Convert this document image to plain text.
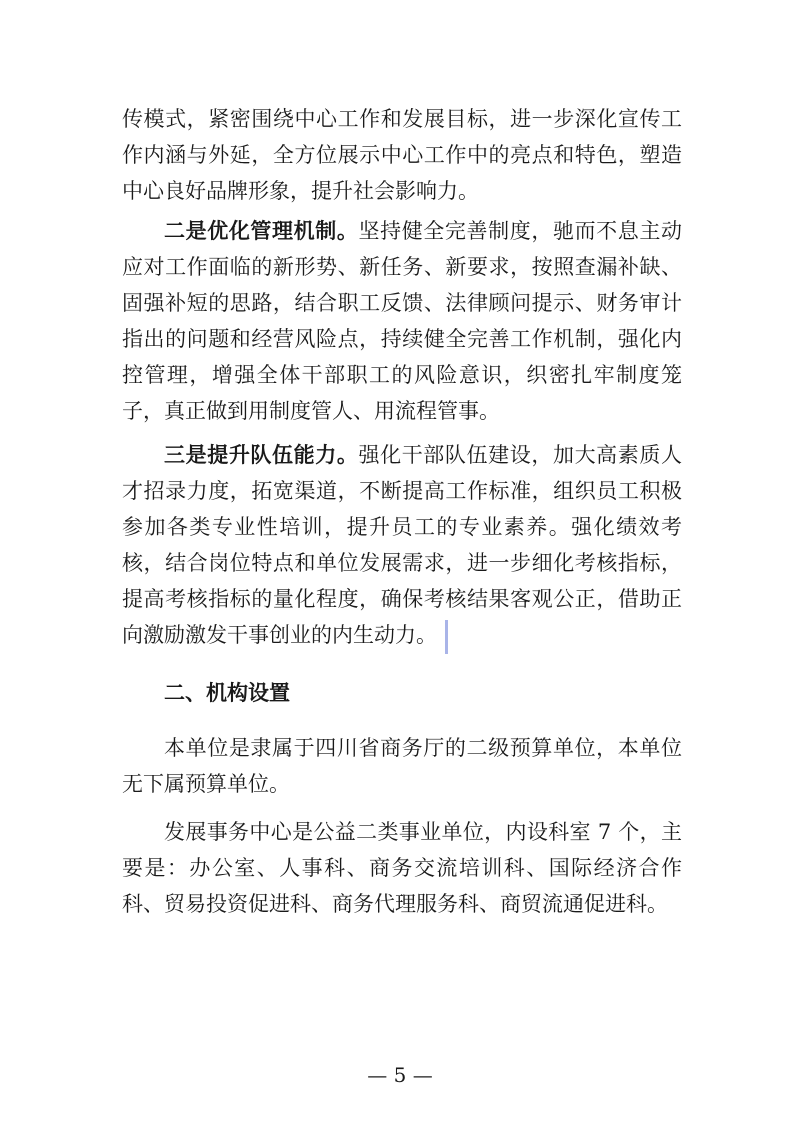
传模式，紧密围绕中心工作和发展目标，进一步深化宣传工作内涵与外延，全方位展示中心工作中的亮点和特色，塑造中心良好品牌形象，提升社会影响力。

二是优化管理机制。坚持健全完善制度，驰而不息主动应对工作面临的新形势、新任务、新要求，按照查漏补缺、固强补短的思路，结合职工反馈、法律顾问提示、财务审计指出的问题和经营风险点，持续健全完善工作机制，强化内控管理，增强全体干部职工的风险意识，织密扎牢制度笼子，真正做到用制度管人、用流程管事。

三是提升队伍能力。强化干部队伍建设，加大高素质人才招录力度，拓宽渠道，不断提高工作标准，组织员工积极参加各类专业性培训，提升员工的专业素养。强化绩效考核，结合岗位特点和单位发展需求，进一步细化考核指标，提高考核指标的量化程度，确保考核结果客观公正，借助正向激励激发干事创业的内生动力。

二、机构设置

本单位是隶属于四川省商务厅的二级预算单位，本单位无下属预算单位。

发展事务中心是公益二类事业单位，内设科室 7 个，主要是：办公室、人事科、商务交流培训科、国际经济合作科、贸易投资促进科、商务代理服务科、商贸流通促进科。

— 5 —
